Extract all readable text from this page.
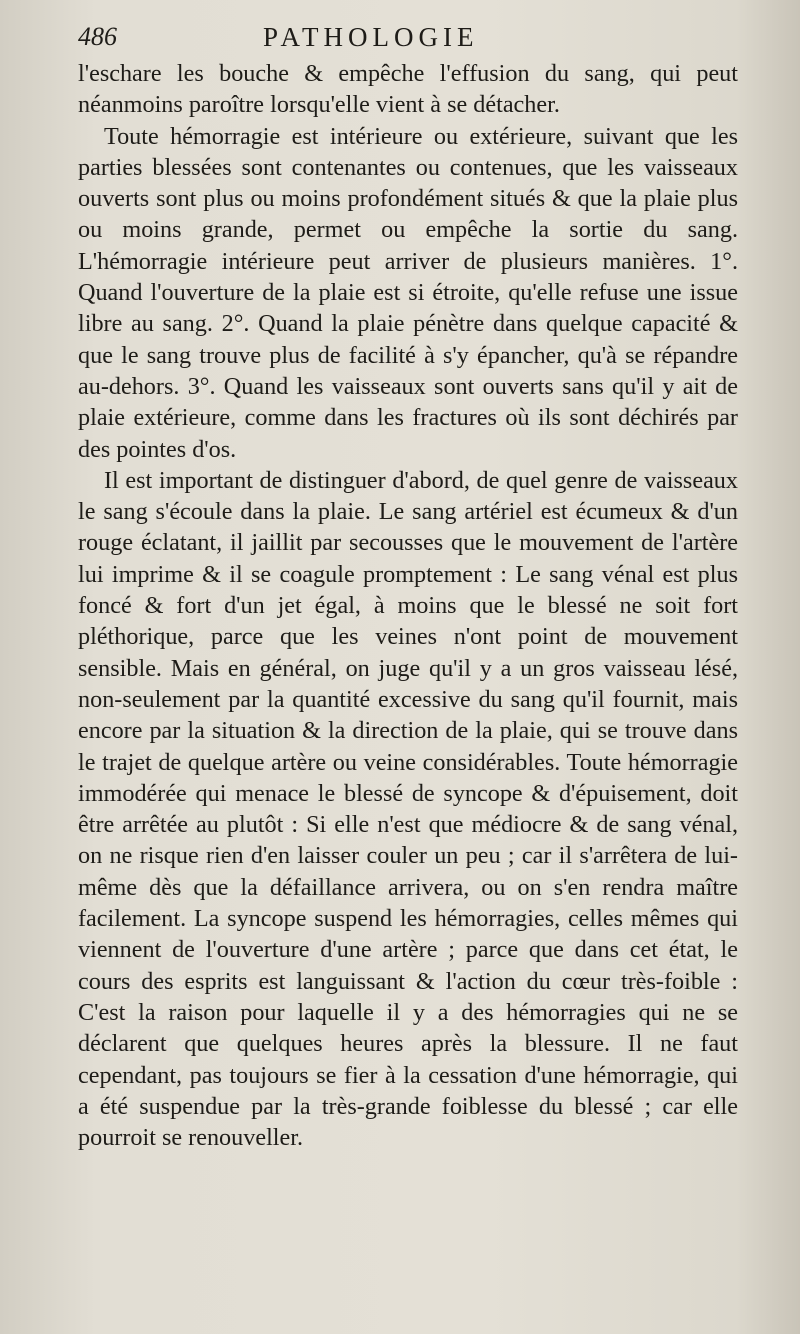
486	PATHOLOGIE

l'eschare les bouche & empêche l'effusion du sang, qui peut néanmoins paroître lorsqu'elle vient à se détacher.

Toute hémorragie est intérieure ou extérieure, suivant que les parties blessées sont contenantes ou contenues, que les vaisseaux ouverts sont plus ou moins profondément situés & que la plaie plus ou moins grande, permet ou empêche la sortie du sang. L'hémorragie intérieure peut arriver de plusieurs manières. 1°. Quand l'ouverture de la plaie est si étroite, qu'elle refuse une issue libre au sang. 2°. Quand la plaie pénètre dans quelque capacité & que le sang trouve plus de facilité à s'y épancher, qu'à se répandre au-dehors. 3°. Quand les vaisseaux sont ouverts sans qu'il y ait de plaie extérieure, comme dans les fractures où ils sont déchirés par des pointes d'os.

Il est important de distinguer d'abord, de quel genre de vaisseaux le sang s'écoule dans la plaie. Le sang artériel est écumeux & d'un rouge éclatant, il jaillit par secousses que le mouvement de l'artère lui imprime & il se coagule promptement : Le sang vénal est plus foncé & fort d'un jet égal, à moins que le blessé ne soit fort pléthorique, parce que les veines n'ont point de mouvement sensible. Mais en général, on juge qu'il y a un gros vaisseau lésé, non-seulement par la quantité excessive du sang qu'il fournit, mais encore par la situation & la direction de la plaie, qui se trouve dans le trajet de quelque artère ou veine considérables. Toute hémorragie immodérée qui menace le blessé de syncope & d'épuisement, doit être arrêtée au plutôt : Si elle n'est que médiocre & de sang vénal, on ne risque rien d'en laisser couler un peu ; car il s'arrêtera de lui-même dès que la défaillance arrivera, ou on s'en rendra maître facilement. La syncope suspend les hémorragies, celles mêmes qui viennent de l'ouverture d'une artère ; parce que dans cet état, le cours des esprits est languissant & l'action du cœur très-foible : C'est la raison pour laquelle il y a des hémorragies qui ne se déclarent que quelques heures après la blessure. Il ne faut cependant, pas toujours se fier à la cessation d'une hémorragie, qui a été suspendue par la très-grande foiblesse du blessé ; car elle pourroit se renouveller.
